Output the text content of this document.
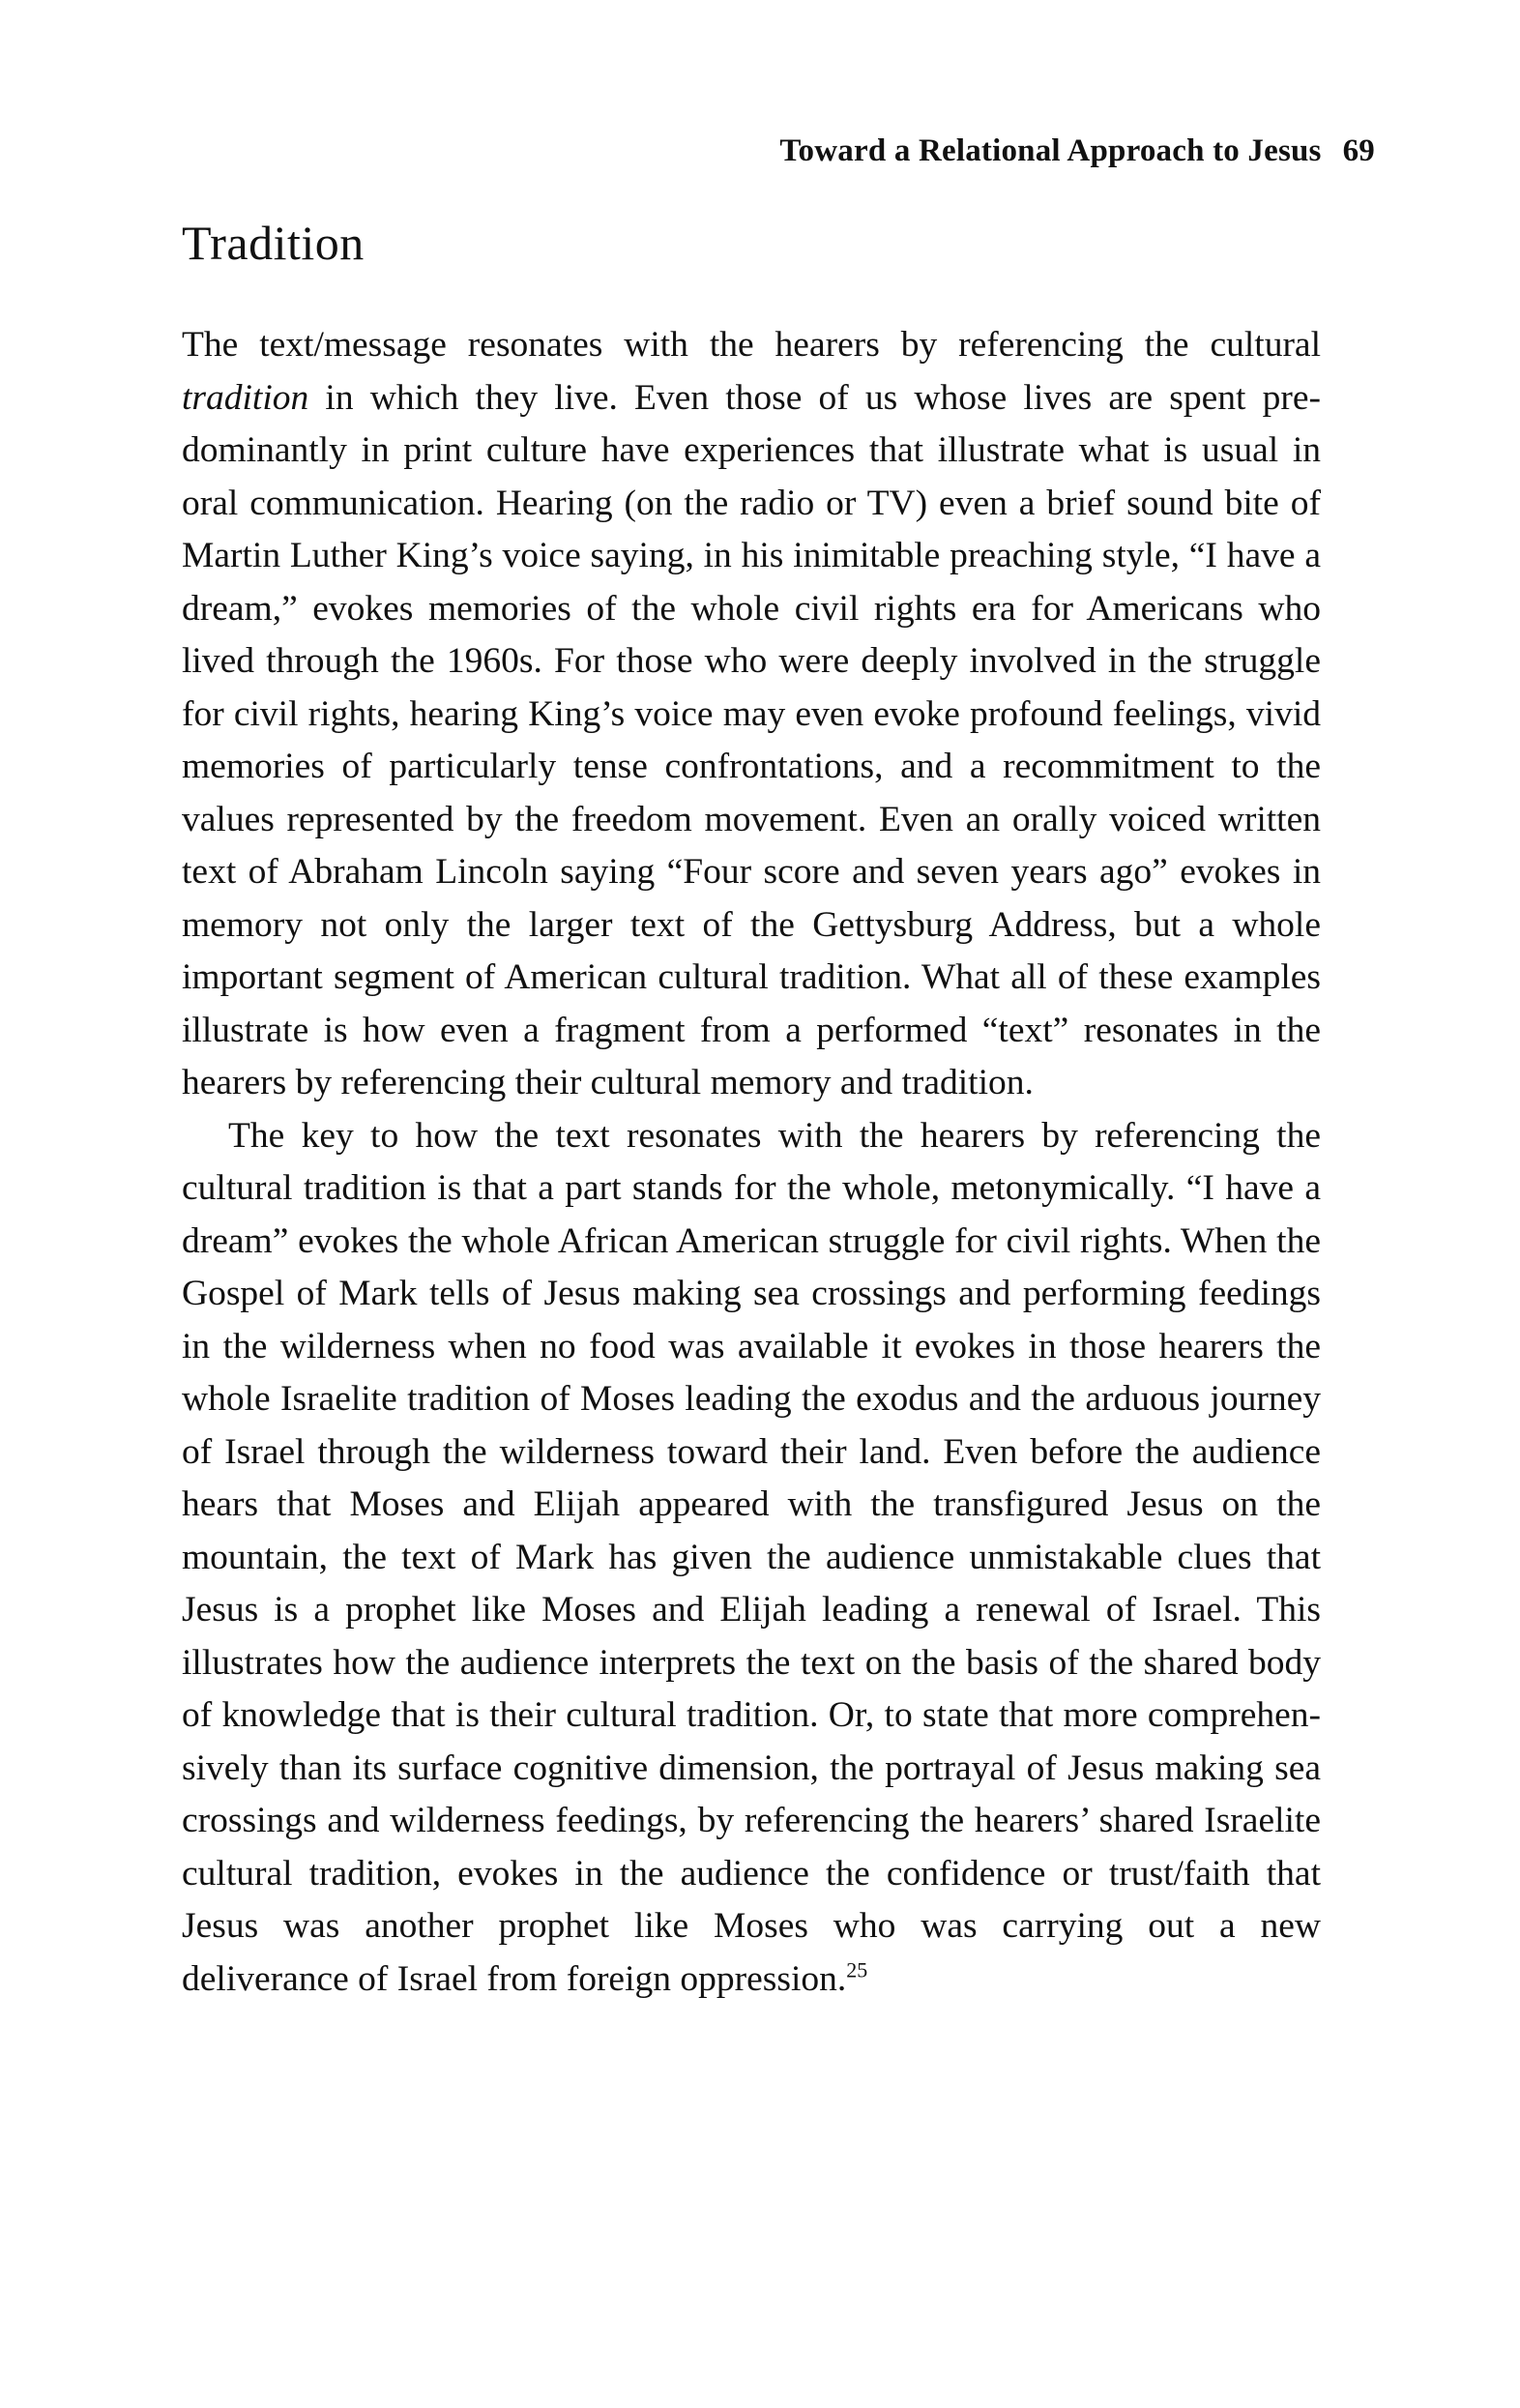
Toward a Relational Approach to Jesus 69
Tradition

The text/message resonates with the hearers by referencing the cultural tradition in which they live. Even those of us whose lives are spent predominantly in print culture have experiences that illustrate what is usual in oral communication. Hearing (on the radio or TV) even a brief sound bite of Martin Luther King’s voice saying, in his inimitable preaching style, “I have a dream,” evokes memories of the whole civil rights era for Americans who lived through the 1960s. For those who were deeply involved in the struggle for civil rights, hearing King’s voice may even evoke profound feelings, vivid memories of particularly tense confrontations, and a recommitment to the values represented by the freedom movement. Even an orally voiced written text of Abraham Lincoln saying “Four score and seven years ago” evokes in memory not only the larger text of the Gettysburg Address, but a whole important segment of American cultural tradition. What all of these examples illustrate is how even a fragment from a performed “text” resonates in the hearers by referencing their cultural memory and tradition.

The key to how the text resonates with the hearers by referencing the cultural tradition is that a part stands for the whole, metonymically. “I have a dream” evokes the whole African American struggle for civil rights. When the Gospel of Mark tells of Jesus making sea crossings and performing feedings in the wilderness when no food was available it evokes in those hearers the whole Israelite tradition of Moses leading the exodus and the arduous journey of Israel through the wilderness toward their land. Even before the audience hears that Moses and Elijah appeared with the transfigured Jesus on the mountain, the text of Mark has given the audience unmistakable clues that Jesus is a prophet like Moses and Elijah leading a renewal of Israel. This illustrates how the audience interprets the text on the basis of the shared body of knowledge that is their cultural tradition. Or, to state that more comprehensively than its surface cognitive dimension, the portrayal of Jesus making sea crossings and wilderness feedings, by referencing the hearers’ shared Israelite cultural tradition, evokes in the audience the confidence or trust/faith that Jesus was another prophet like Moses who was carrying out a new deliverance of Israel from foreign oppression.$^{25}$
